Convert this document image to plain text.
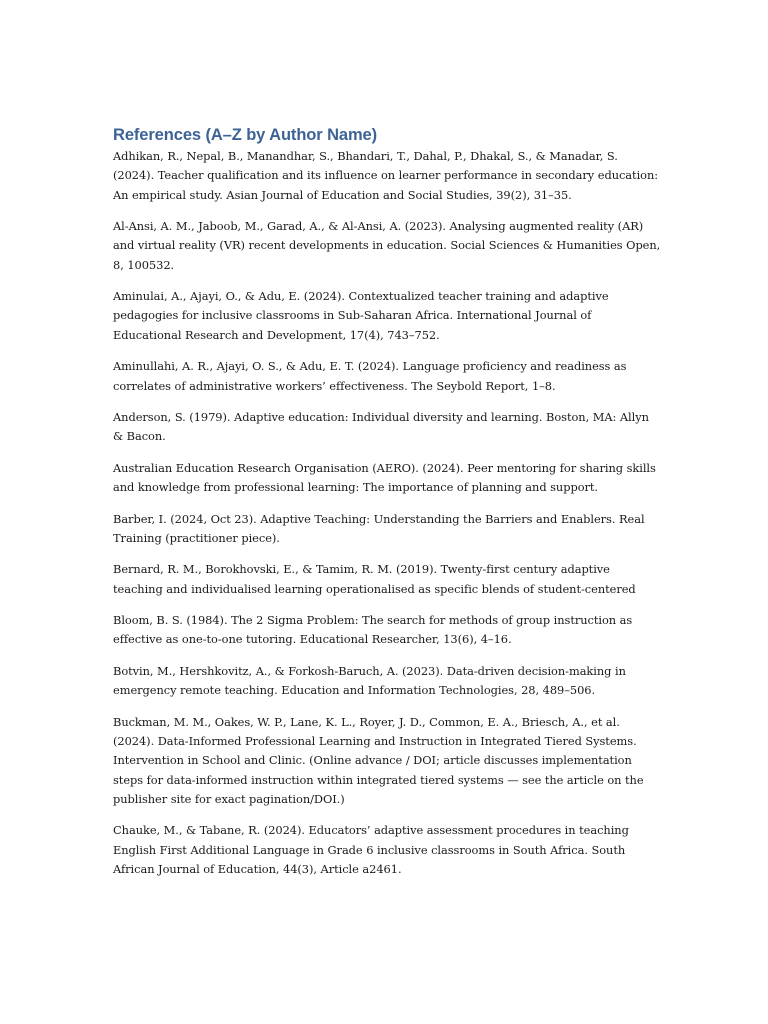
References (A–Z by Author Name)

Adhikan, R., Nepal, B., Manandhar, S., Bhandari, T., Dahal, P., Dhakal, S., & Manadar, S. (2024). Teacher qualification and its influence on learner performance in secondary education: An empirical study. Asian Journal of Education and Social Studies, 39(2), 31–35.

Al-Ansi, A. M., Jaboob, M., Garad, A., & Al-Ansi, A. (2023). Analysing augmented reality (AR) and virtual reality (VR) recent developments in education. Social Sciences & Humanities Open, 8, 100532.

Aminulai, A., Ajayi, O., & Adu, E. (2024). Contextualized teacher training and adaptive pedagogies for inclusive classrooms in Sub-Saharan Africa. International Journal of Educational Research and Development, 17(4), 743–752.

Aminullahi, A. R., Ajayi, O. S., & Adu, E. T. (2024). Language proficiency and readiness as correlates of administrative workers’ effectiveness. The Seybold Report, 1–8.

Anderson, S. (1979). Adaptive education: Individual diversity and learning. Boston, MA: Allyn & Bacon.

Australian Education Research Organisation (AERO). (2024). Peer mentoring for sharing skills and knowledge from professional learning: The importance of planning and support.

Barber, I. (2024, Oct 23). Adaptive Teaching: Understanding the Barriers and Enablers. Real Training (practitioner piece).

Bernard, R. M., Borokhovski, E., & Tamim, R. M. (2019). Twenty-first century adaptive teaching and individualised learning operationalised as specific blends of student-centered

Bloom, B. S. (1984). The 2 Sigma Problem: The search for methods of group instruction as effective as one-to-one tutoring. Educational Researcher, 13(6), 4–16.

Botvin, M., Hershkovitz, A., & Forkosh-Baruch, A. (2023). Data-driven decision-making in emergency remote teaching. Education and Information Technologies, 28, 489–506.

Buckman, M. M., Oakes, W. P., Lane, K. L., Royer, J. D., Common, E. A., Briesch, A., et al. (2024). Data-Informed Professional Learning and Instruction in Integrated Tiered Systems. Intervention in School and Clinic. (Online advance / DOI; article discusses implementation steps for data-informed instruction within integrated tiered systems — see the article on the publisher site for exact pagination/DOI.)

Chauke, M., & Tabane, R. (2024). Educators’ adaptive assessment procedures in teaching English First Additional Language in Grade 6 inclusive classrooms in South Africa. South African Journal of Education, 44(3), Article a2461.
